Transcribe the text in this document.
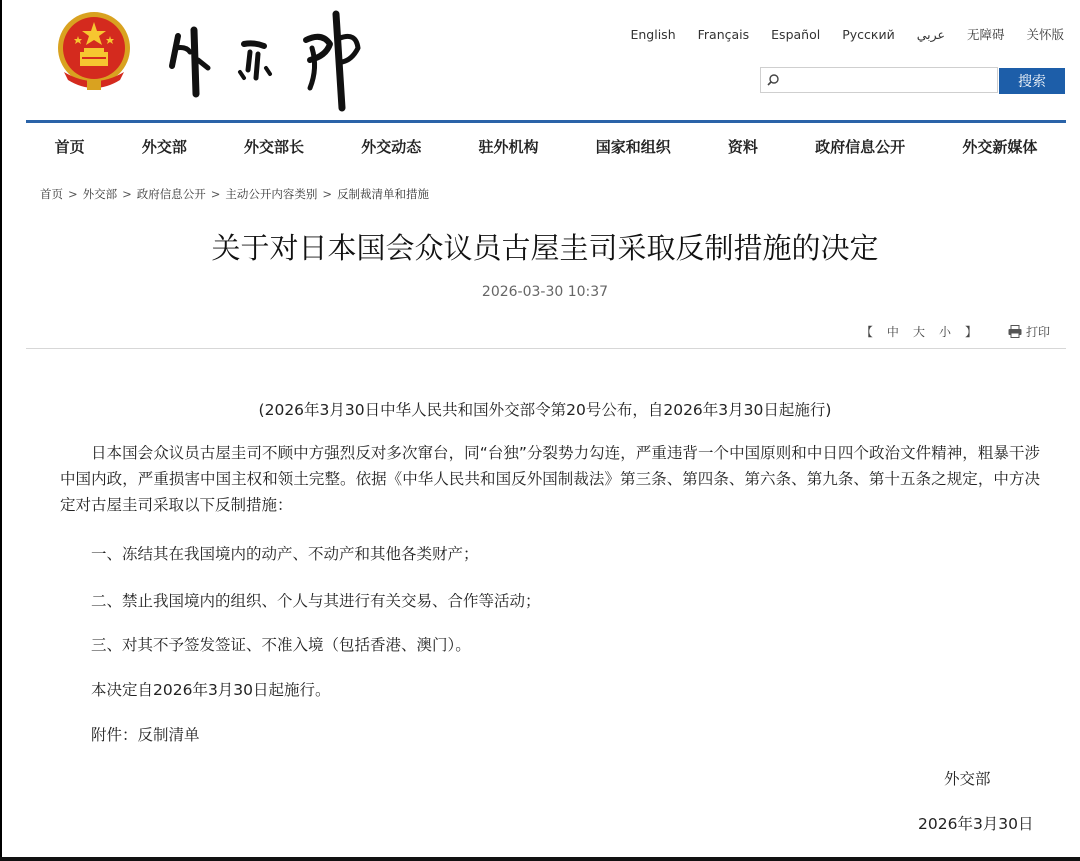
English Français Español Русский عربي 无障碍 关怀版
搜索
首页	外交部	外交部长	外交动态	驻外机构	国家和组织	资料	政府信息公开	外交新媒体
首页 > 外交部 > 政府信息公开 > 主动公开内容类别 > 反制裁清单和措施
关于对日本国会众议员古屋圭司采取反制措施的决定
2026-03-30 10:37
【 中 大 小 】	打印
(2026年3月30日中华人民共和国外交部令第20号公布，自2026年3月30日起施行)

日本国会众议员古屋圭司不顾中方强烈反对多次窜台，同“台独”分裂势力勾连，严重违背一个中国原则和中日四个政治文件精神，粗暴干涉中国内政，严重损害中国主权和领土完整。依据《中华人民共和国反外国制裁法》第三条、第四条、第六条、第九条、第十五条之规定，中方决定对古屋圭司采取以下反制措施：

一、冻结其在我国境内的动产、不动产和其他各类财产；

二、禁止我国境内的组织、个人与其进行有关交易、合作等活动；

三、对其不予签发签证、不准入境（包括香港、澳门）。

本决定自2026年3月30日起施行。

附件：反制清单

外交部
2026年3月30日
